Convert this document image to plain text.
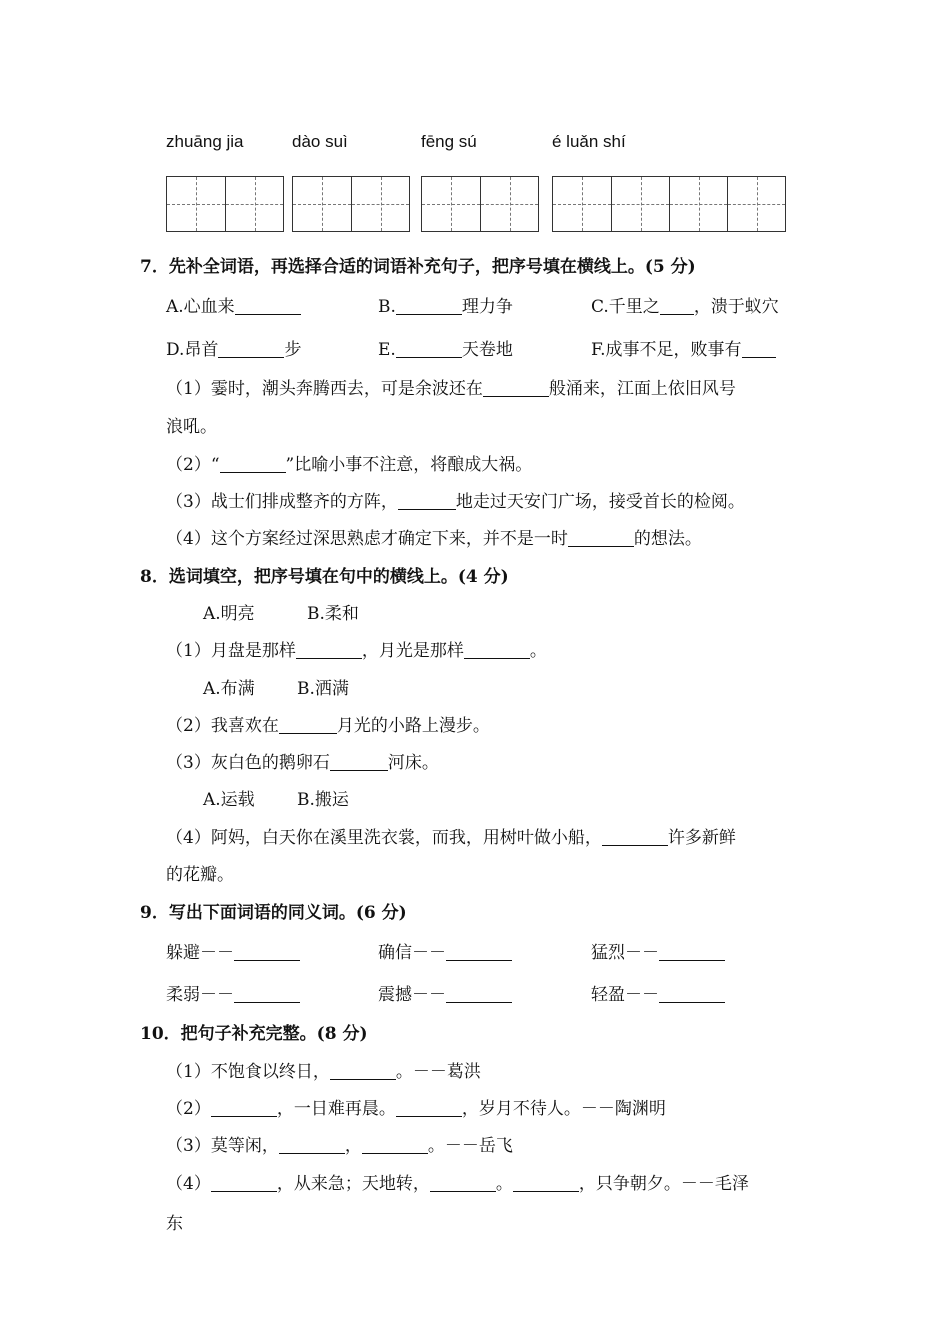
zhuāng jia	dào suì	fēng sú	é luǎn shí
7．先补全词语，再选择合适的词语补充句子，把序号填在横线上。(5 分)
A.心血来	B.	理力争	C.千里之 ，溃于蚁穴
D.昂首	步	E.	天卷地	F.成事不足，败事有
（1）霎时，潮头奔腾西去，可是余波还在	般涌来，江面上依旧风号
浪吼。
（2）“	”比喻小事不注意，将酿成大祸。
（3）战士们排成整齐的方阵，	地走过天安门广场，接受首长的检阅。
（4）这个方案经过深思熟虑才确定下来，并不是一时	的想法。
8．选词填空，把序号填在句中的横线上。(4 分)
A.明亮	B.柔和
（1）月盘是那样	，月光是那样	。
A.布满 B.洒满
（2）我喜欢在	月光的小路上漫步。
（3）灰白色的鹅卵石	河床。
A.运载 B.搬运
（4）阿妈，白天你在溪里洗衣裳，而我，用树叶做小船，	许多新鲜
的花瓣。
9．写出下面词语的同义词。(6 分)
躲避－－	确信－－	猛烈－－
柔弱－－	震撼－－	轻盈－－
10．把句子补充完整。(8 分)
（1）不饱食以终日，	。－－葛洪
（2）	，一日难再晨。	，岁月不待人。－－陶渊明
（3）莫等闲，	，	。－－岳飞
（4）	，从来急；天地转，	。	，只争朝夕。－－毛泽
东
